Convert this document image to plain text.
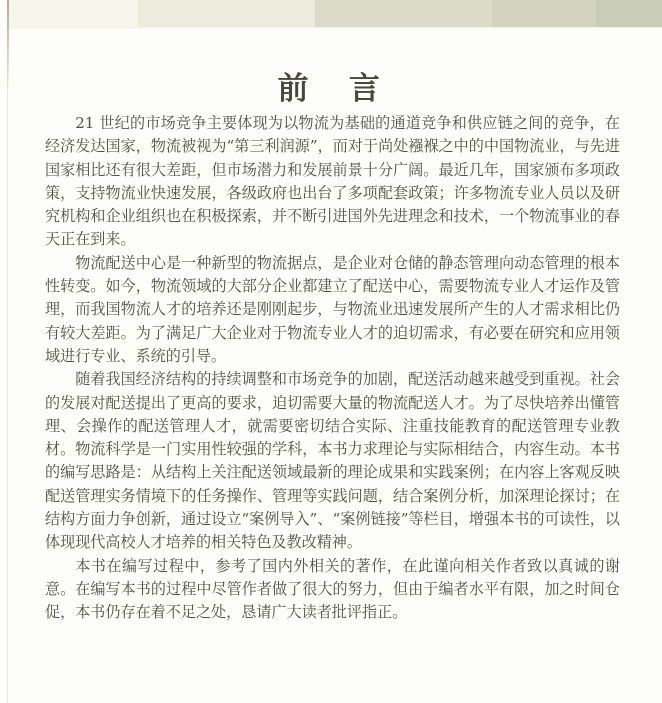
前　言

21 世纪的市场竞争主要体现为以物流为基础的通道竞争和供应链之间的竞争，在经济发达国家，物流被视为“第三利润源”，而对于尚处襁褓之中的中国物流业，与先进国家相比还有很大差距，但市场潜力和发展前景十分广阔。最近几年，国家颁布多项政策，支持物流业快速发展，各级政府也出台了多项配套政策；许多物流专业人员以及研究机构和企业组织也在积极探索，并不断引进国外先进理念和技术，一个物流事业的春天正在到来。

物流配送中心是一种新型的物流据点，是企业对仓储的静态管理向动态管理的根本性转变。如今，物流领域的大部分企业都建立了配送中心，需要物流专业人才运作及管理，而我国物流人才的培养还是刚刚起步，与物流业迅速发展所产生的人才需求相比仍有较大差距。为了满足广大企业对于物流专业人才的迫切需求，有必要在研究和应用领域进行专业、系统的引导。

随着我国经济结构的持续调整和市场竞争的加剧，配送活动越来越受到重视。社会的发展对配送提出了更高的要求，迫切需要大量的物流配送人才。为了尽快培养出懂管理、会操作的配送管理人才，就需要密切结合实际、注重技能教育的配送管理专业教材。物流科学是一门实用性较强的学科，本书力求理论与实际相结合，内容生动。本书的编写思路是：从结构上关注配送领域最新的理论成果和实践案例；在内容上客观反映配送管理实务情境下的任务操作、管理等实践问题，结合案例分析，加深理论探讨；在结构方面力争创新，通过设立“案例导入”、“案例链接”等栏目，增强本书的可读性，以体现现代高校人才培养的相关特色及教改精神。

本书在编写过程中，参考了国内外相关的著作，在此谨向相关作者致以真诚的谢意。在编写本书的过程中尽管作者做了很大的努力，但由于编者水平有限，加之时间仓促，本书仍存在着不足之处，恳请广大读者批评指正。
